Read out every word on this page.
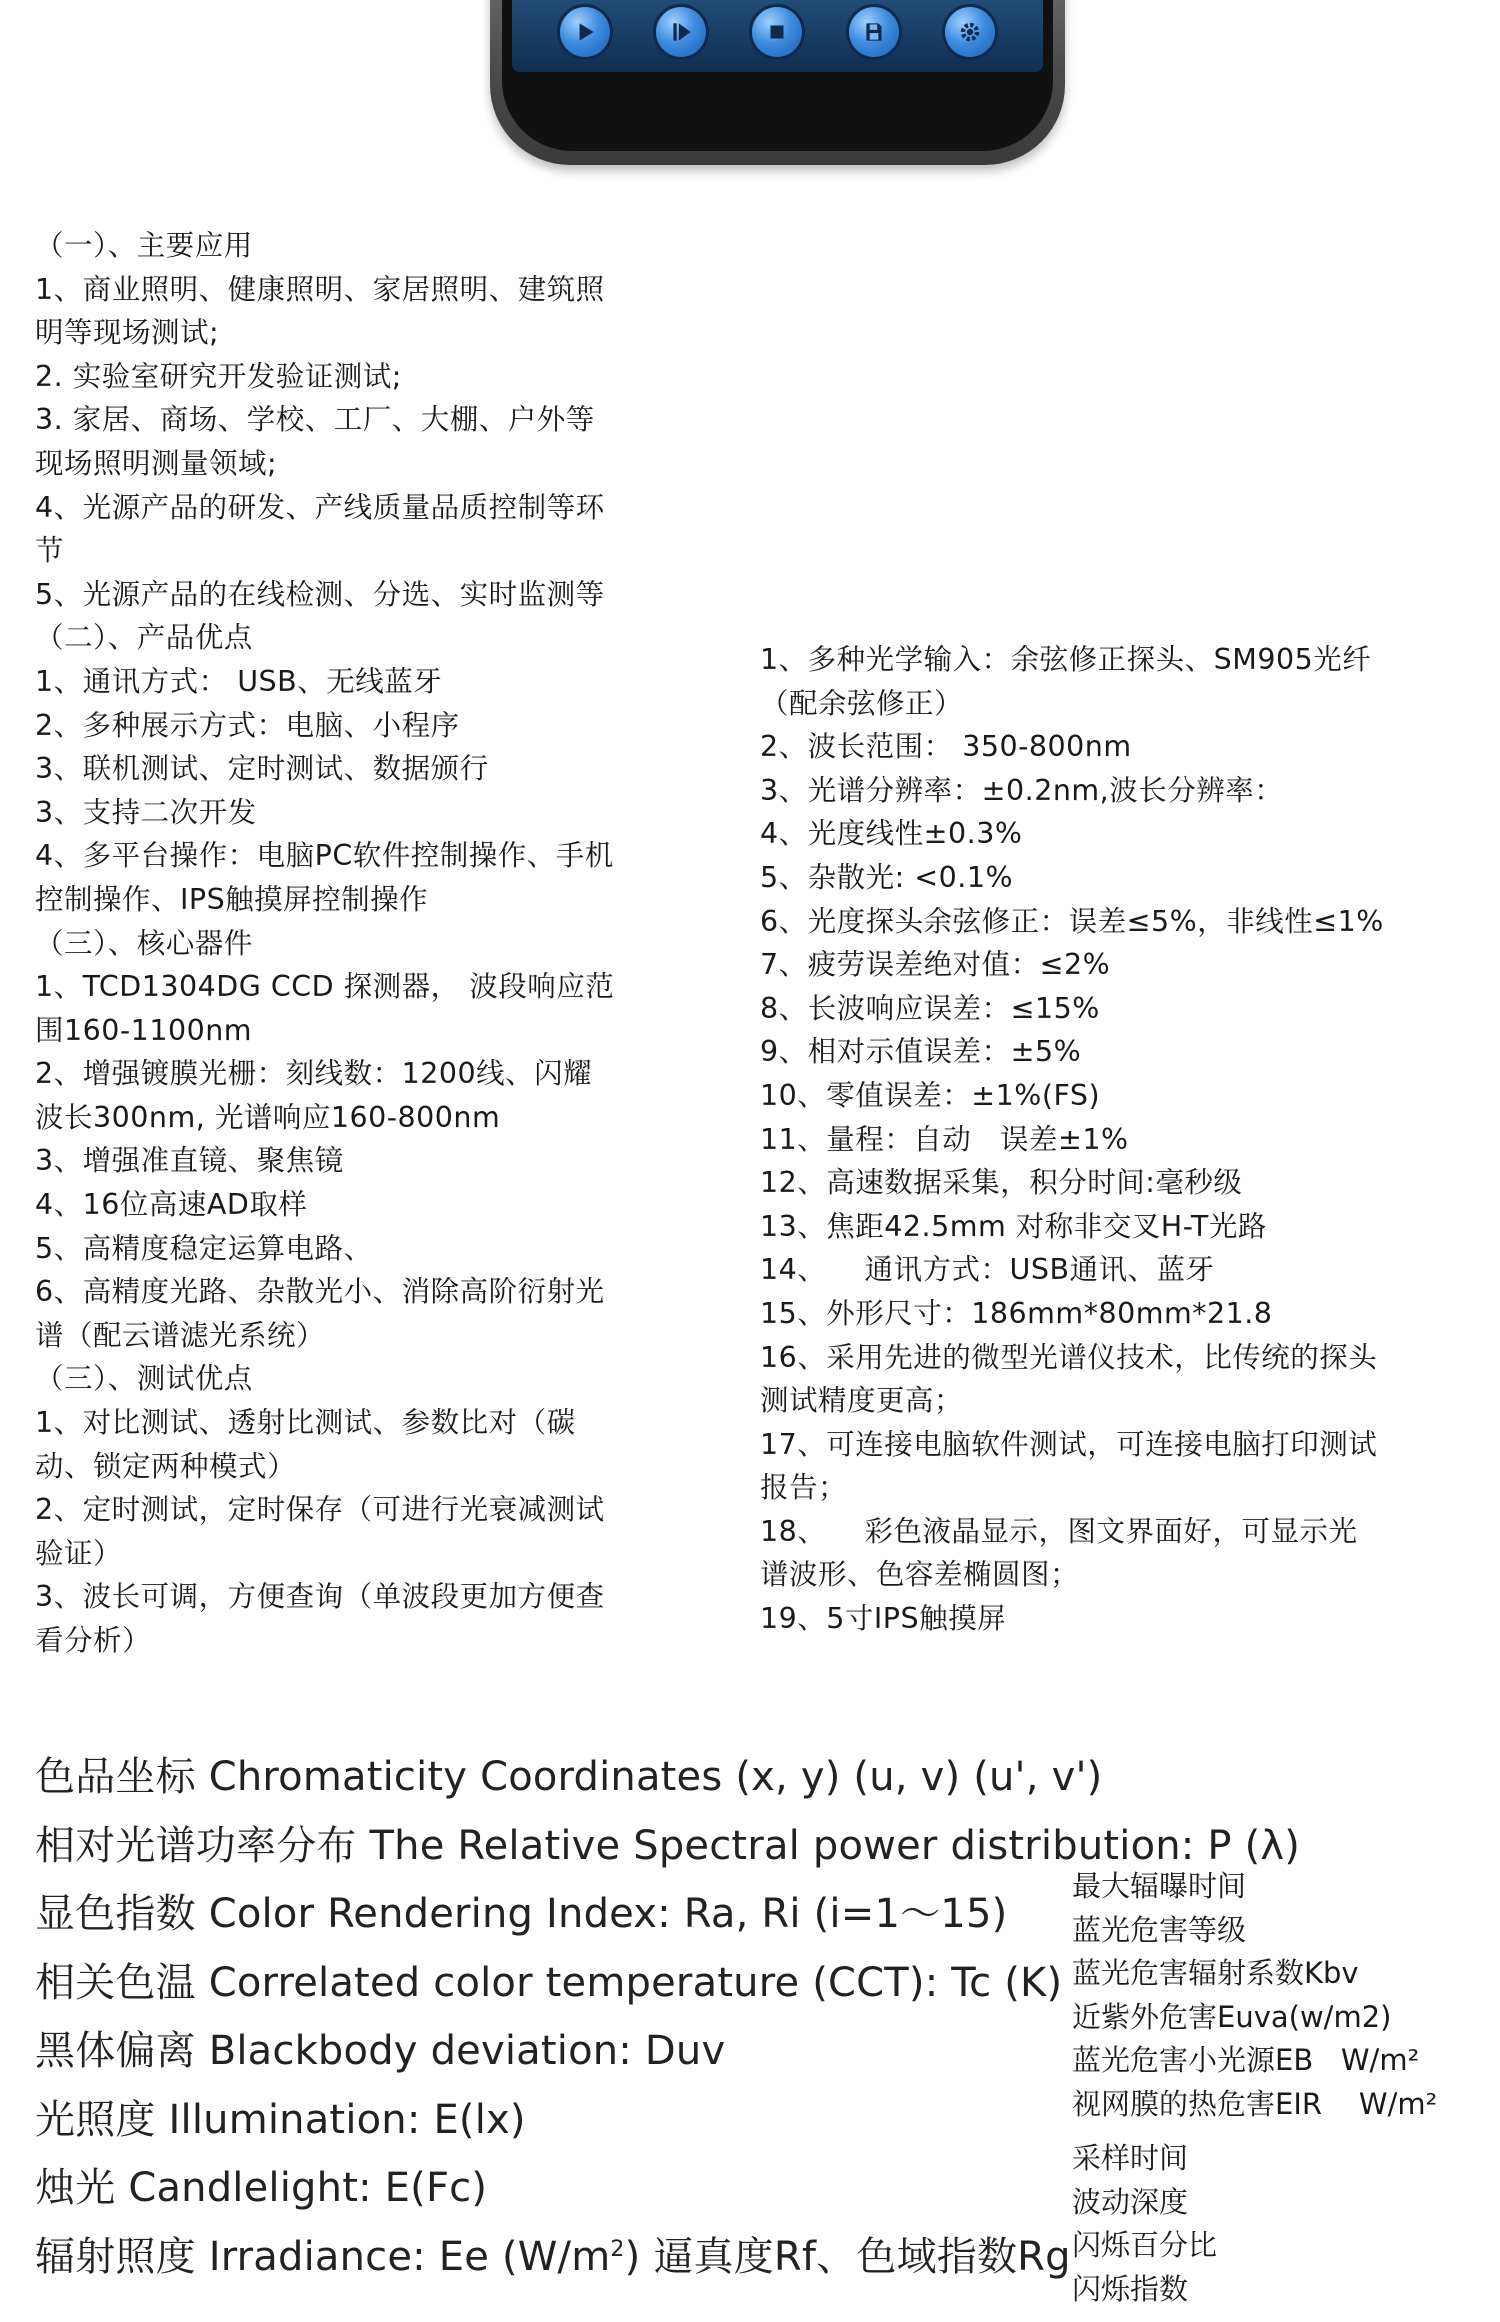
（一）、主要应用

1、商业照明、健康照明、家居照明、建筑照

明等现场测试;

2. 实验室研究开发验证测试;

3. 家居、商场、学校、工厂、大棚、户外等

现场照明测量领域;

4、光源产品的研发、产线质量品质控制等环

节

5、光源产品的在线检测、分选、实时监测等

（二）、产品优点

1、通讯方式： USB、无线蓝牙

2、多种展示方式：电脑、小程序

3、联机测试、定时测试、数据颁行

3、支持二次开发

4、多平台操作：电脑PC软件控制操作、手机

控制操作、IPS触摸屏控制操作

（三）、核心器件

1、TCD1304DG CCD 探测器， 波段响应范

围160-1100nm

2、增强镀膜光栅：刻线数：1200线、闪耀

波长300nm, 光谱响应160-800nm

3、增强准直镜、聚焦镜

4、16位高速AD取样

5、高精度稳定运算电路、

6、高精度光路、杂散光小、消除高阶衍射光

谱（配云谱滤光系统）

（三）、测试优点

1、对比测试、透射比测试、参数比对（碳

动、锁定两种模式）

2、定时测试，定时保存（可进行光衰减测试

验证）

3、波长可调，方便查询（单波段更加方便查

看分析）

1、多种光学输入：余弦修正探头、SM905光纤

（配余弦修正）

2、波长范围： 350-800nm

3、光谱分辨率：±0.2nm,波长分辨率：

4、光度线性±0.3%

5、杂散光: <0.1%

6、光度探头余弦修正：误差≤5%，非线性≤1%

7、疲劳误差绝对值：≤2%

8、长波响应误差：≤15%

9、相对示值误差：±5%

10、零值误差：±1%(FS)

11、量程：自动   误差±1%

12、高速数据采集，积分时间:毫秒级

13、焦距42.5mm 对称非交叉H-T光路

14、    通讯方式：USB通讯、蓝牙

15、外形尺寸：186mm*80mm*21.8

16、采用先进的微型光谱仪技术，比传统的探头

测试精度更高；

17、可连接电脑软件测试，可连接电脑打印测试

报告；

18、    彩色液晶显示，图文界面好，可显示光

谱波形、色容差椭圆图；

19、5寸IPS触摸屏

色品坐标 Chromaticity Coordinates (x, y) (u, v) (u', v')

相对光谱功率分布 The Relative Spectral power distribution: P (λ)

显色指数 Color Rendering Index: Ra, Ri (i=1～15)

相关色温 Correlated color temperature (CCT): Tc (K)

黑体偏离 Blackbody deviation: Duv

光照度 Illumination: E(lx)

烛光 Candlelight: E(Fc)

辐射照度 Irradiance: Ee $(W/m^2)$ 逼真度Rf、色域指数Rg

最大辐曝时间

蓝光危害等级

蓝光危害辐射系数Kbv

近紫外危害Euva(w/m2)

蓝光危害小光源EB   W/m²

视网膜的热危害EIR    W/m²

采样时间

波动深度

闪烁百分比

闪烁指数
